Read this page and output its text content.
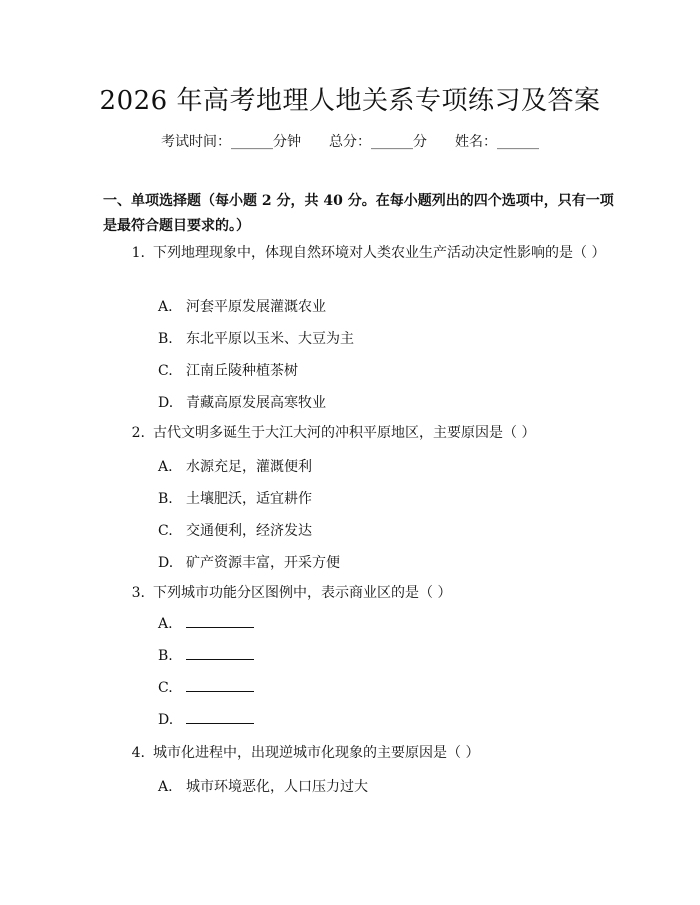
2026 年高考地理人地关系专项练习及答案
考试时间：______分钟 总分：______分 姓名：______
一、单项选择题（每小题 2 分，共 40 分。在每小题列出的四个选项中，只有一项是最符合题目要求的。）
1. 下列地理现象中，体现自然环境对人类农业生产活动决定性影响的是（ ）
A. 河套平原发展灌溉农业
B. 东北平原以玉米、大豆为主
C. 江南丘陵种植茶树
D. 青藏高原发展高寒牧业
2. 古代文明多诞生于大江大河的冲积平原地区，主要原因是（ ）
A. 水源充足，灌溉便利
B. 土壤肥沃，适宜耕作
C. 交通便利，经济发达
D. 矿产资源丰富，开采方便
3. 下列城市功能分区图例中，表示商业区的是（ ）
A.
B.
C.
D.
4. 城市化进程中，出现逆城市化现象的主要原因是（ ）
A. 城市环境恶化，人口压力过大
